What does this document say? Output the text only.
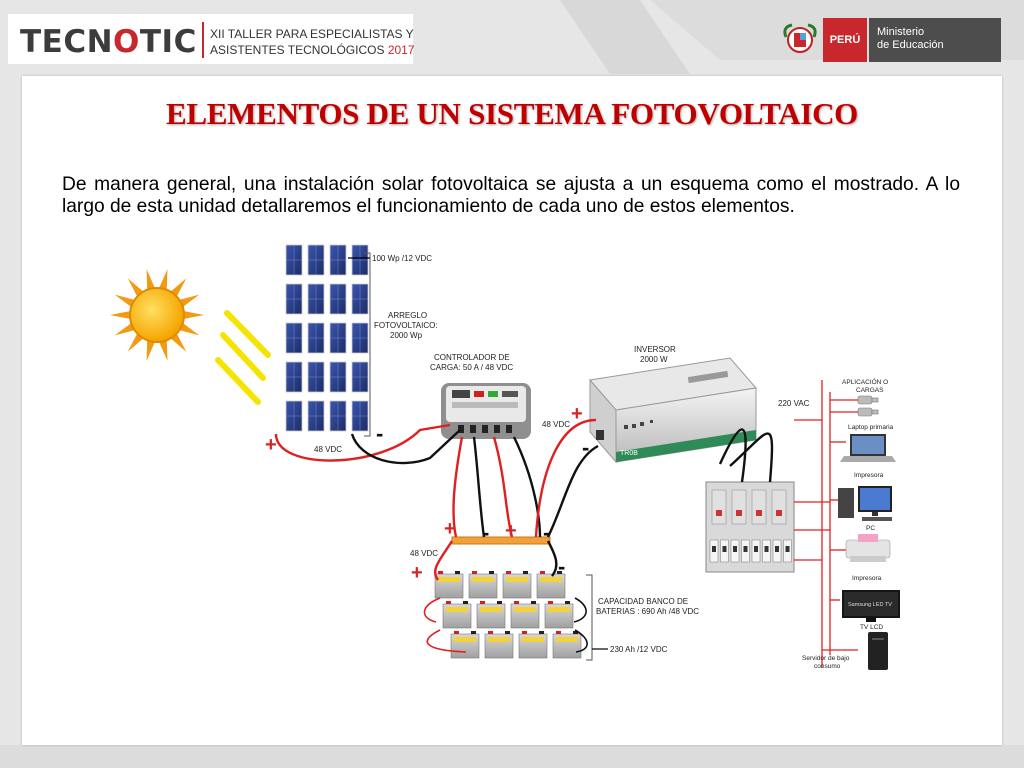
TECNOTIC XII TALLER PARA ESPECIALISTAS Y
ASISTENTES TECNOLÓGICOS 2017
PERÚ
Ministerio
de Educación
ELEMENTOS DE UN SISTEMA FOTOVOLTAICO
De manera general, una instalación solar fotovoltaica se ajusta a un esquema como el mostrado. A lo largo de esta unidad detallaremos el funcionamiento de cada uno de estos elementos.
100 Wp /12 VDC
ARREGLO
FOTOVOLTAICO:
2000 Wp
CONTROLADOR DE
CARGA: 50 A / 48 VDC
TR0B
INVERSOR
2000 W
220 VAC
CAPACIDAD BANCO DE
BATERIAS : 690 Ah /48 VDC
230 Ah /12 VDC
APLICACIÓN O
CARGAS
Laptop primaria
Impresora
PC
Impresora
Samsung LED TV
TV LCD
Servidor de bajo
consumo
48 VDC
48 VDC
48 VDC
+	-
+
-
+ - + -
+	-
